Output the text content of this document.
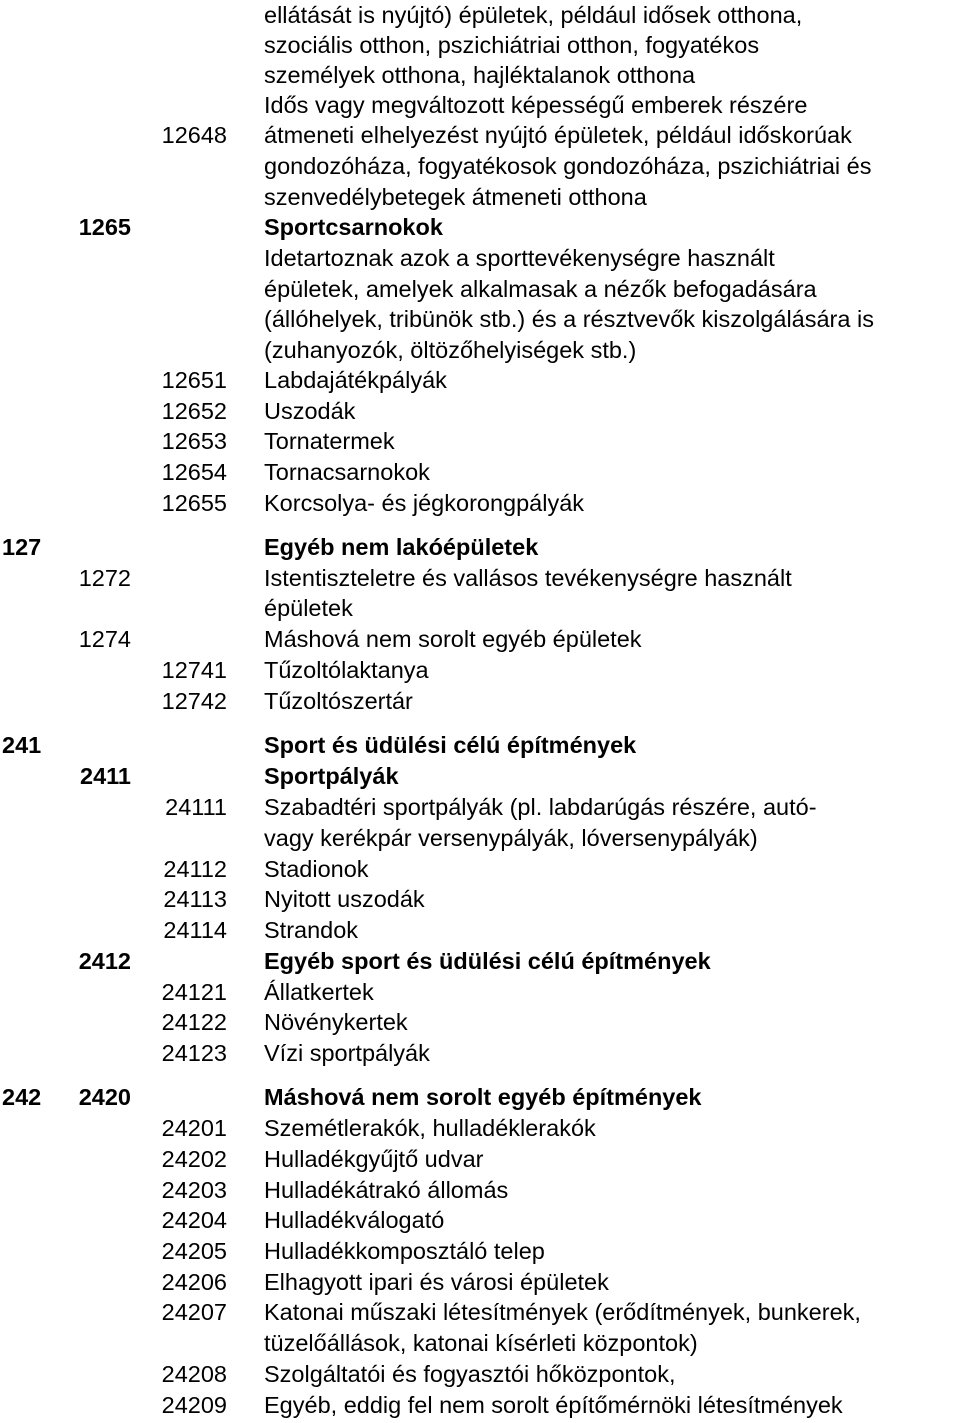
ellátását is nyújtó) épületek, például idősek otthona,
szociális otthon, pszichiátriai otthon, fogyatékos
személyek otthona, hajléktalanok otthona
Idős vagy megváltozott képességű emberek részére
12648 átmeneti elhelyezést nyújtó épületek, például időskorúak
gondozóháza, fogyatékosok gondozóháza, pszichiátriai és
szenvedélybetegek átmeneti otthona
1265	Sportcsarnokok
Idetartoznak azok a sporttevékenységre használt
épületek, amelyek alkalmasak a nézők befogadására
(állóhelyek, tribünök stb.) és a résztvevők kiszolgálására is
(zuhanyozók, öltözőhelyiségek stb.)
12651 Labdajátékpályák
12652 Uszodák
12653 Tornatermek
12654 Tornacsarnokok
12655 Korcsolya- és jégkorongpályák
127	Egyéb nem lakóépületek
1272	Istentiszteletre és vallásos tevékenységre használt
épületek
1274	Máshová nem sorolt egyéb épületek
12741 Tűzoltólaktanya
12742 Tűzoltószertár
241	Sport és üdülési célú építmények
2411	Sportpályák
24111 Szabadtéri sportpályák (pl. labdarúgás részére, autó-
vagy kerékpár versenypályák, lóversenypályák)
24112 Stadionok
24113 Nyitott uszodák
24114 Strandok
2412	Egyéb sport és üdülési célú építmények
24121 Állatkertek
24122 Növénykertek
24123 Vízi sportpályák
242 2420	Máshová nem sorolt egyéb építmények
24201 Szemétlerakók, hulladéklerakók
24202 Hulladékgyűjtő udvar
24203 Hulladékátrakó állomás
24204 Hulladékválogató
24205 Hulladékkomposztáló telep
24206 Elhagyott ipari és városi épületek
24207 Katonai műszaki létesítmények (erődítmények, bunkerek,
tüzelőállások, katonai kísérleti központok)
24208 Szolgáltatói és fogyasztói hőközpontok,
24209 Egyéb, eddig fel nem sorolt építőmérnöki létesítmények
